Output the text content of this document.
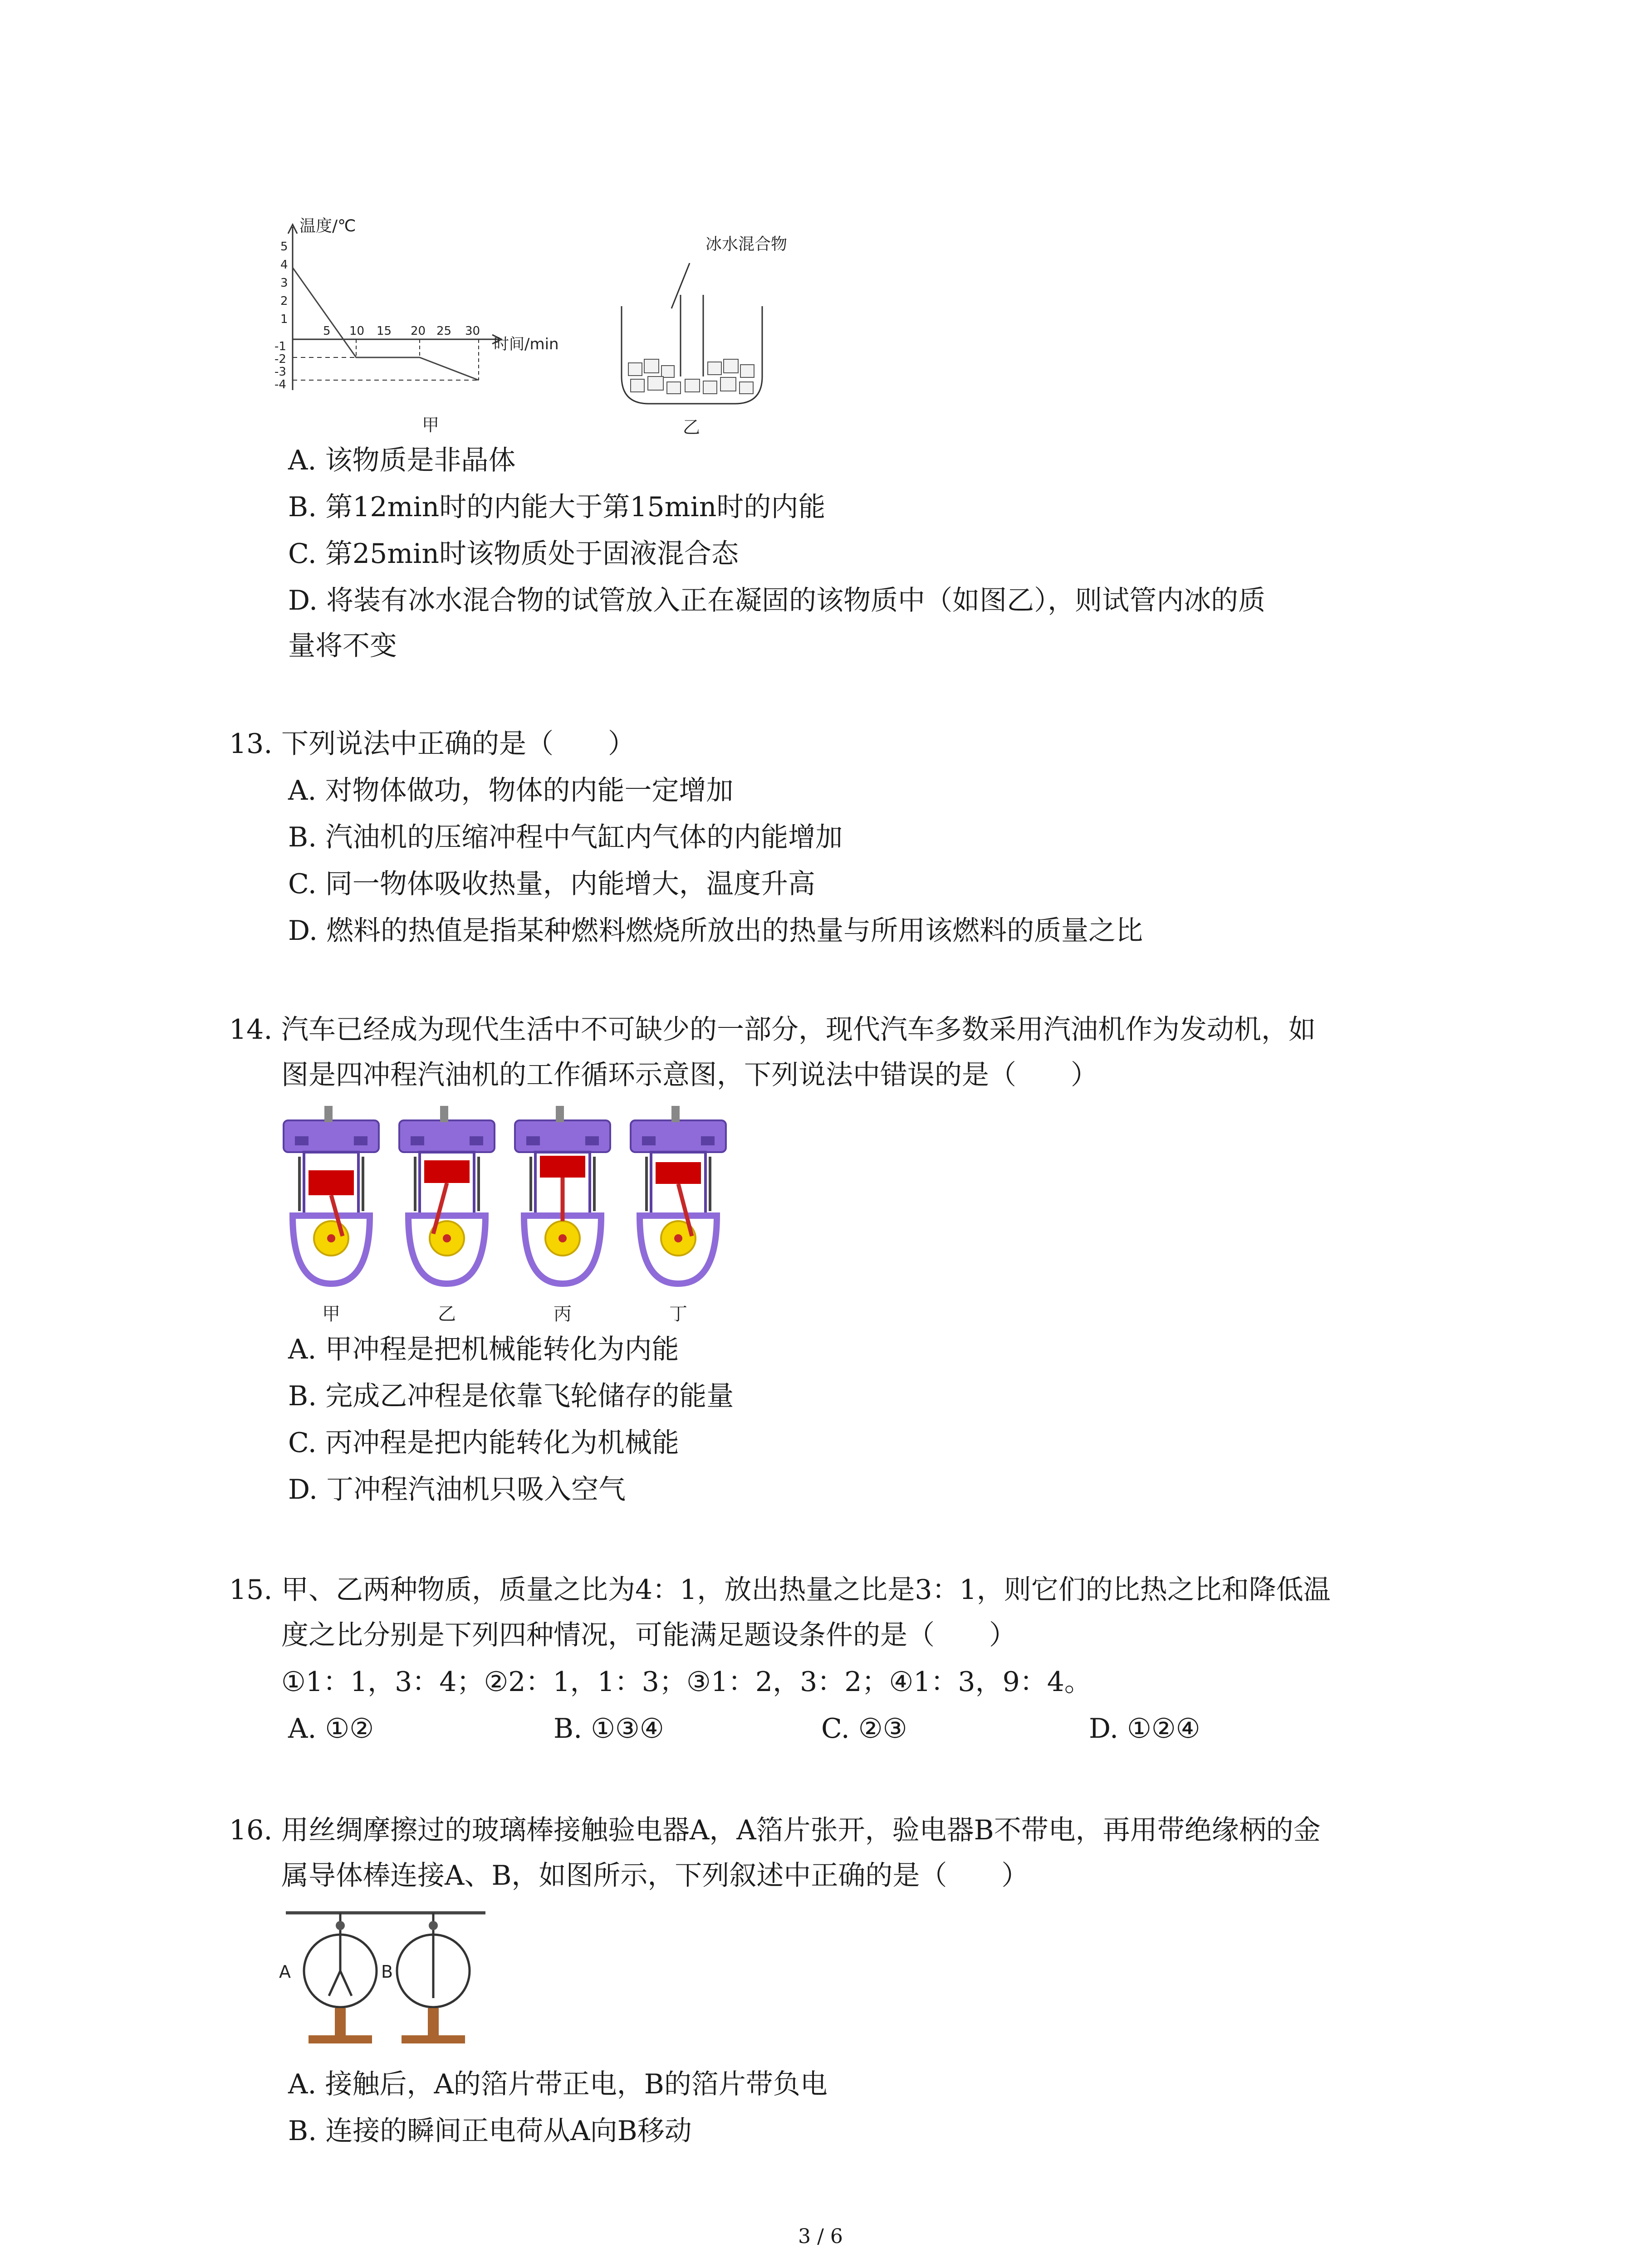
温度/℃
时间/min
5
4
3
2
1
-1
-2
-3
-4
5 10 15 20 25 30
甲
冰水混合物
乙
A. 该物质是非晶体
B. 第12min时的内能大于第15min时的内能
C. 第25min时该物质处于固液混合态
D. 将装有冰水混合物的试管放入正在凝固的该物质中（如图乙），则试管内冰的质
量将不变
13. 下列说法中正确的是（　　）
A. 对物体做功，物体的内能一定增加
B. 汽油机的压缩冲程中气缸内气体的内能增加
C. 同一物体吸收热量，内能增大，温度升高
D. 燃料的热值是指某种燃料燃烧所放出的热量与所用该燃料的质量之比
14. 汽车已经成为现代生活中不可缺少的一部分，现代汽车多数采用汽油机作为发动机，如
图是四冲程汽油机的工作循环示意图，下列说法中错误的是（　　）
甲	乙	丙	丁
A. 甲冲程是把机械能转化为内能
B. 完成乙冲程是依靠飞轮储存的能量
C. 丙冲程是把内能转化为机械能
D. 丁冲程汽油机只吸入空气
15. 甲、乙两种物质，质量之比为4：1，放出热量之比是3：1，则它们的比热之比和降低温
度之比分别是下列四种情况，可能满足题设条件的是（　　）
①1：1，3：4；②2：1，1：3；③1：2，3：2；④1：3，9：4。
A. ①②	B. ①③④	C. ②③	D. ①②④
16. 用丝绸摩擦过的玻璃棒接触验电器A，A箔片张开，验电器B不带电，再用带绝缘柄的金
属导体棒连接A、B，如图所示，下列叙述中正确的是（　　）
A	B
A. 接触后，A的箔片带正电，B的箔片带负电
B. 连接的瞬间正电荷从A向B移动
3 / 6
